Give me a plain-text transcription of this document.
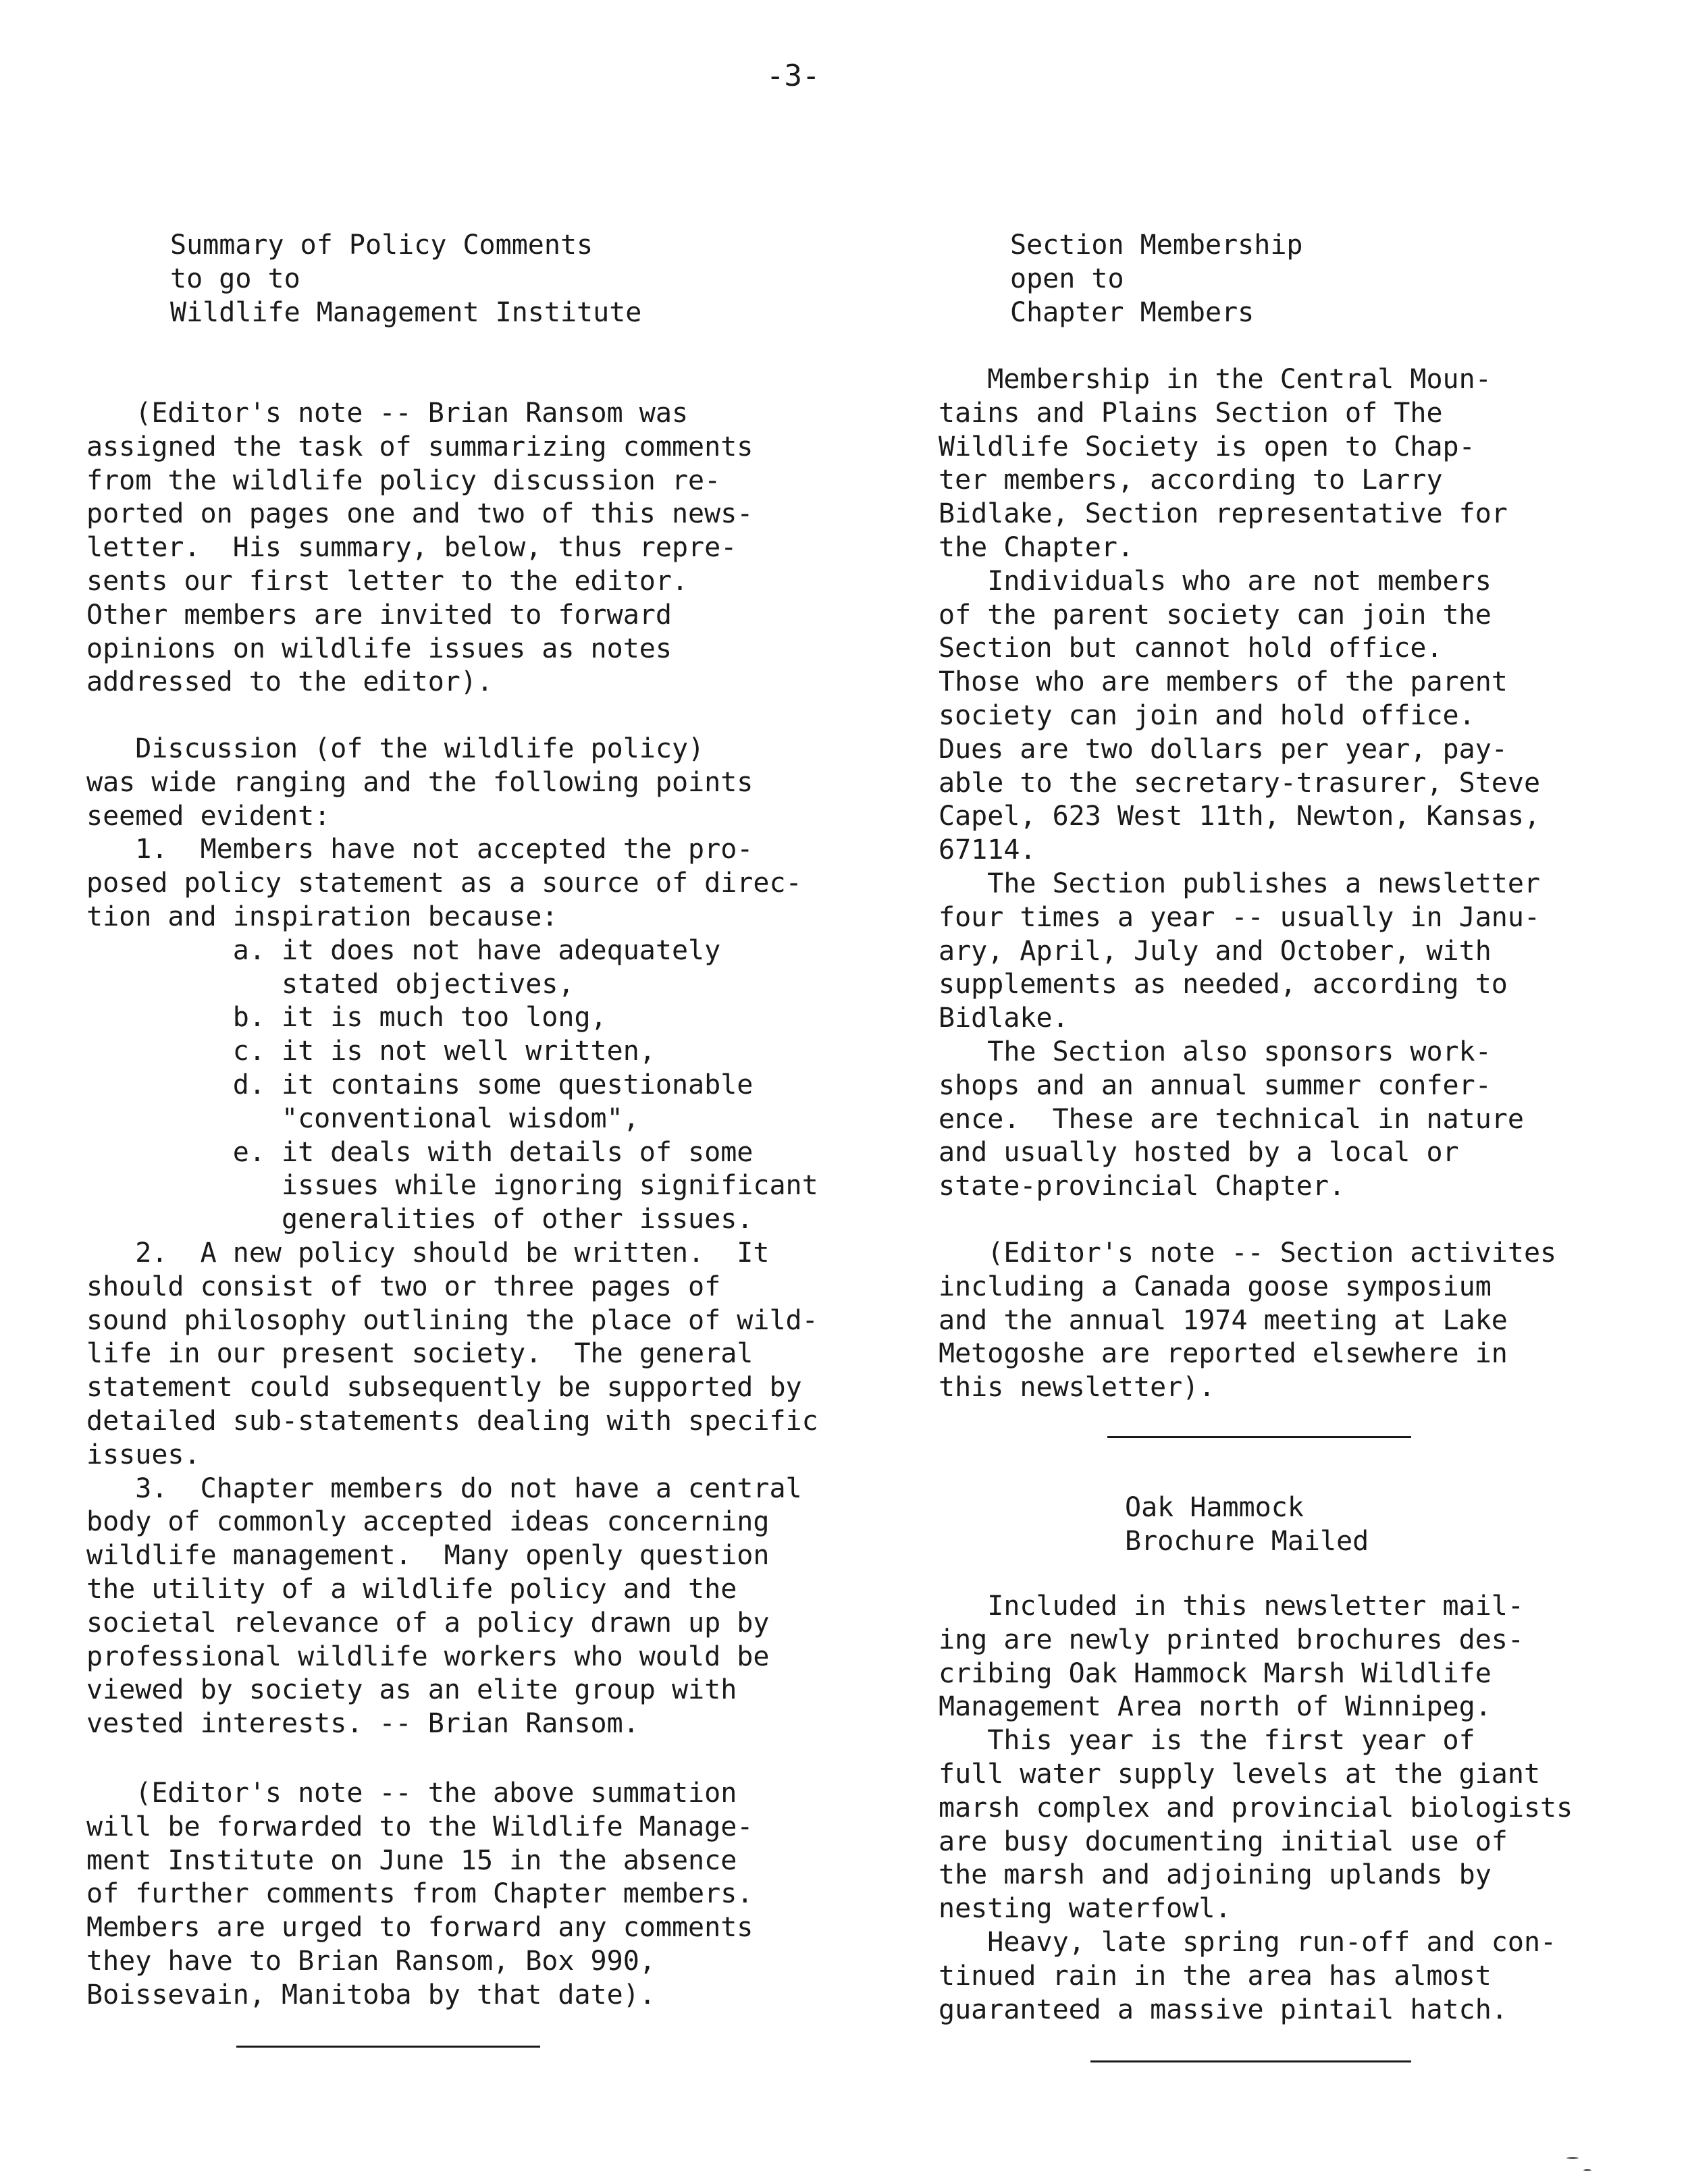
-3-
Summary of Policy Comments
to go to
Wildlife Management Institute
(Editor's note -- Brian Ransom was
assigned the task of summarizing comments
from the wildlife policy discussion re-
ported on pages one and two of this news-
letter.  His summary, below, thus repre-
sents our first letter to the editor.
Other members are invited to forward
opinions on wildlife issues as notes
addressed to the editor).
Discussion (of the wildlife policy)
was wide ranging and the following points
seemed evident:
1.  Members have not accepted the pro-
posed policy statement as a source of direc-
tion and inspiration because:
a. it does not have adequately
stated objectives,
b. it is much too long,
c. it is not well written,
d. it contains some questionable
"conventional wisdom",
e. it deals with details of some
issues while ignoring significant
generalities of other issues.
2.  A new policy should be written.  It
should consist of two or three pages of
sound philosophy outlining the place of wild-
life in our present society.  The general
statement could subsequently be supported by
detailed sub-statements dealing with specific
issues.
3.  Chapter members do not have a central
body of commonly accepted ideas concerning
wildlife management.  Many openly question
the utility of a wildlife policy and the
societal relevance of a policy drawn up by
professional wildlife workers who would be
viewed by society as an elite group with
vested interests. -- Brian Ransom.
(Editor's note -- the above summation
will be forwarded to the Wildlife Manage-
ment Institute on June 15 in the absence
of further comments from Chapter members.
Members are urged to forward any comments
they have to Brian Ransom, Box 990,
Boissevain, Manitoba by that date).
Section Membership
open to
Chapter Members
Membership in the Central Moun-
tains and Plains Section of The
Wildlife Society is open to Chap-
ter members, according to Larry
Bidlake, Section representative for
the Chapter.
Individuals who are not members
of the parent society can join the
Section but cannot hold office.
Those who are members of the parent
society can join and hold office.
Dues are two dollars per year, pay-
able to the secretary-trasurer, Steve
Capel, 623 West 11th, Newton, Kansas,
67114.
The Section publishes a newsletter
four times a year -- usually in Janu-
ary, April, July and October, with
supplements as needed, according to
Bidlake.
The Section also sponsors work-
shops and an annual summer confer-
ence.  These are technical in nature
and usually hosted by a local or
state-provincial Chapter.
(Editor's note -- Section activites
including a Canada goose symposium
and the annual 1974 meeting at Lake
Metogoshe are reported elsewhere in
this newsletter).
Oak Hammock
Brochure Mailed
Included in this newsletter mail-
ing are newly printed brochures des-
cribing Oak Hammock Marsh Wildlife
Management Area north of Winnipeg.
This year is the first year of
full water supply levels at the giant
marsh complex and provincial biologists
are busy documenting initial use of
the marsh and adjoining uplands by
nesting waterfowl.
Heavy, late spring run-off and con-
tinued rain in the area has almost
guaranteed a massive pintail hatch.
